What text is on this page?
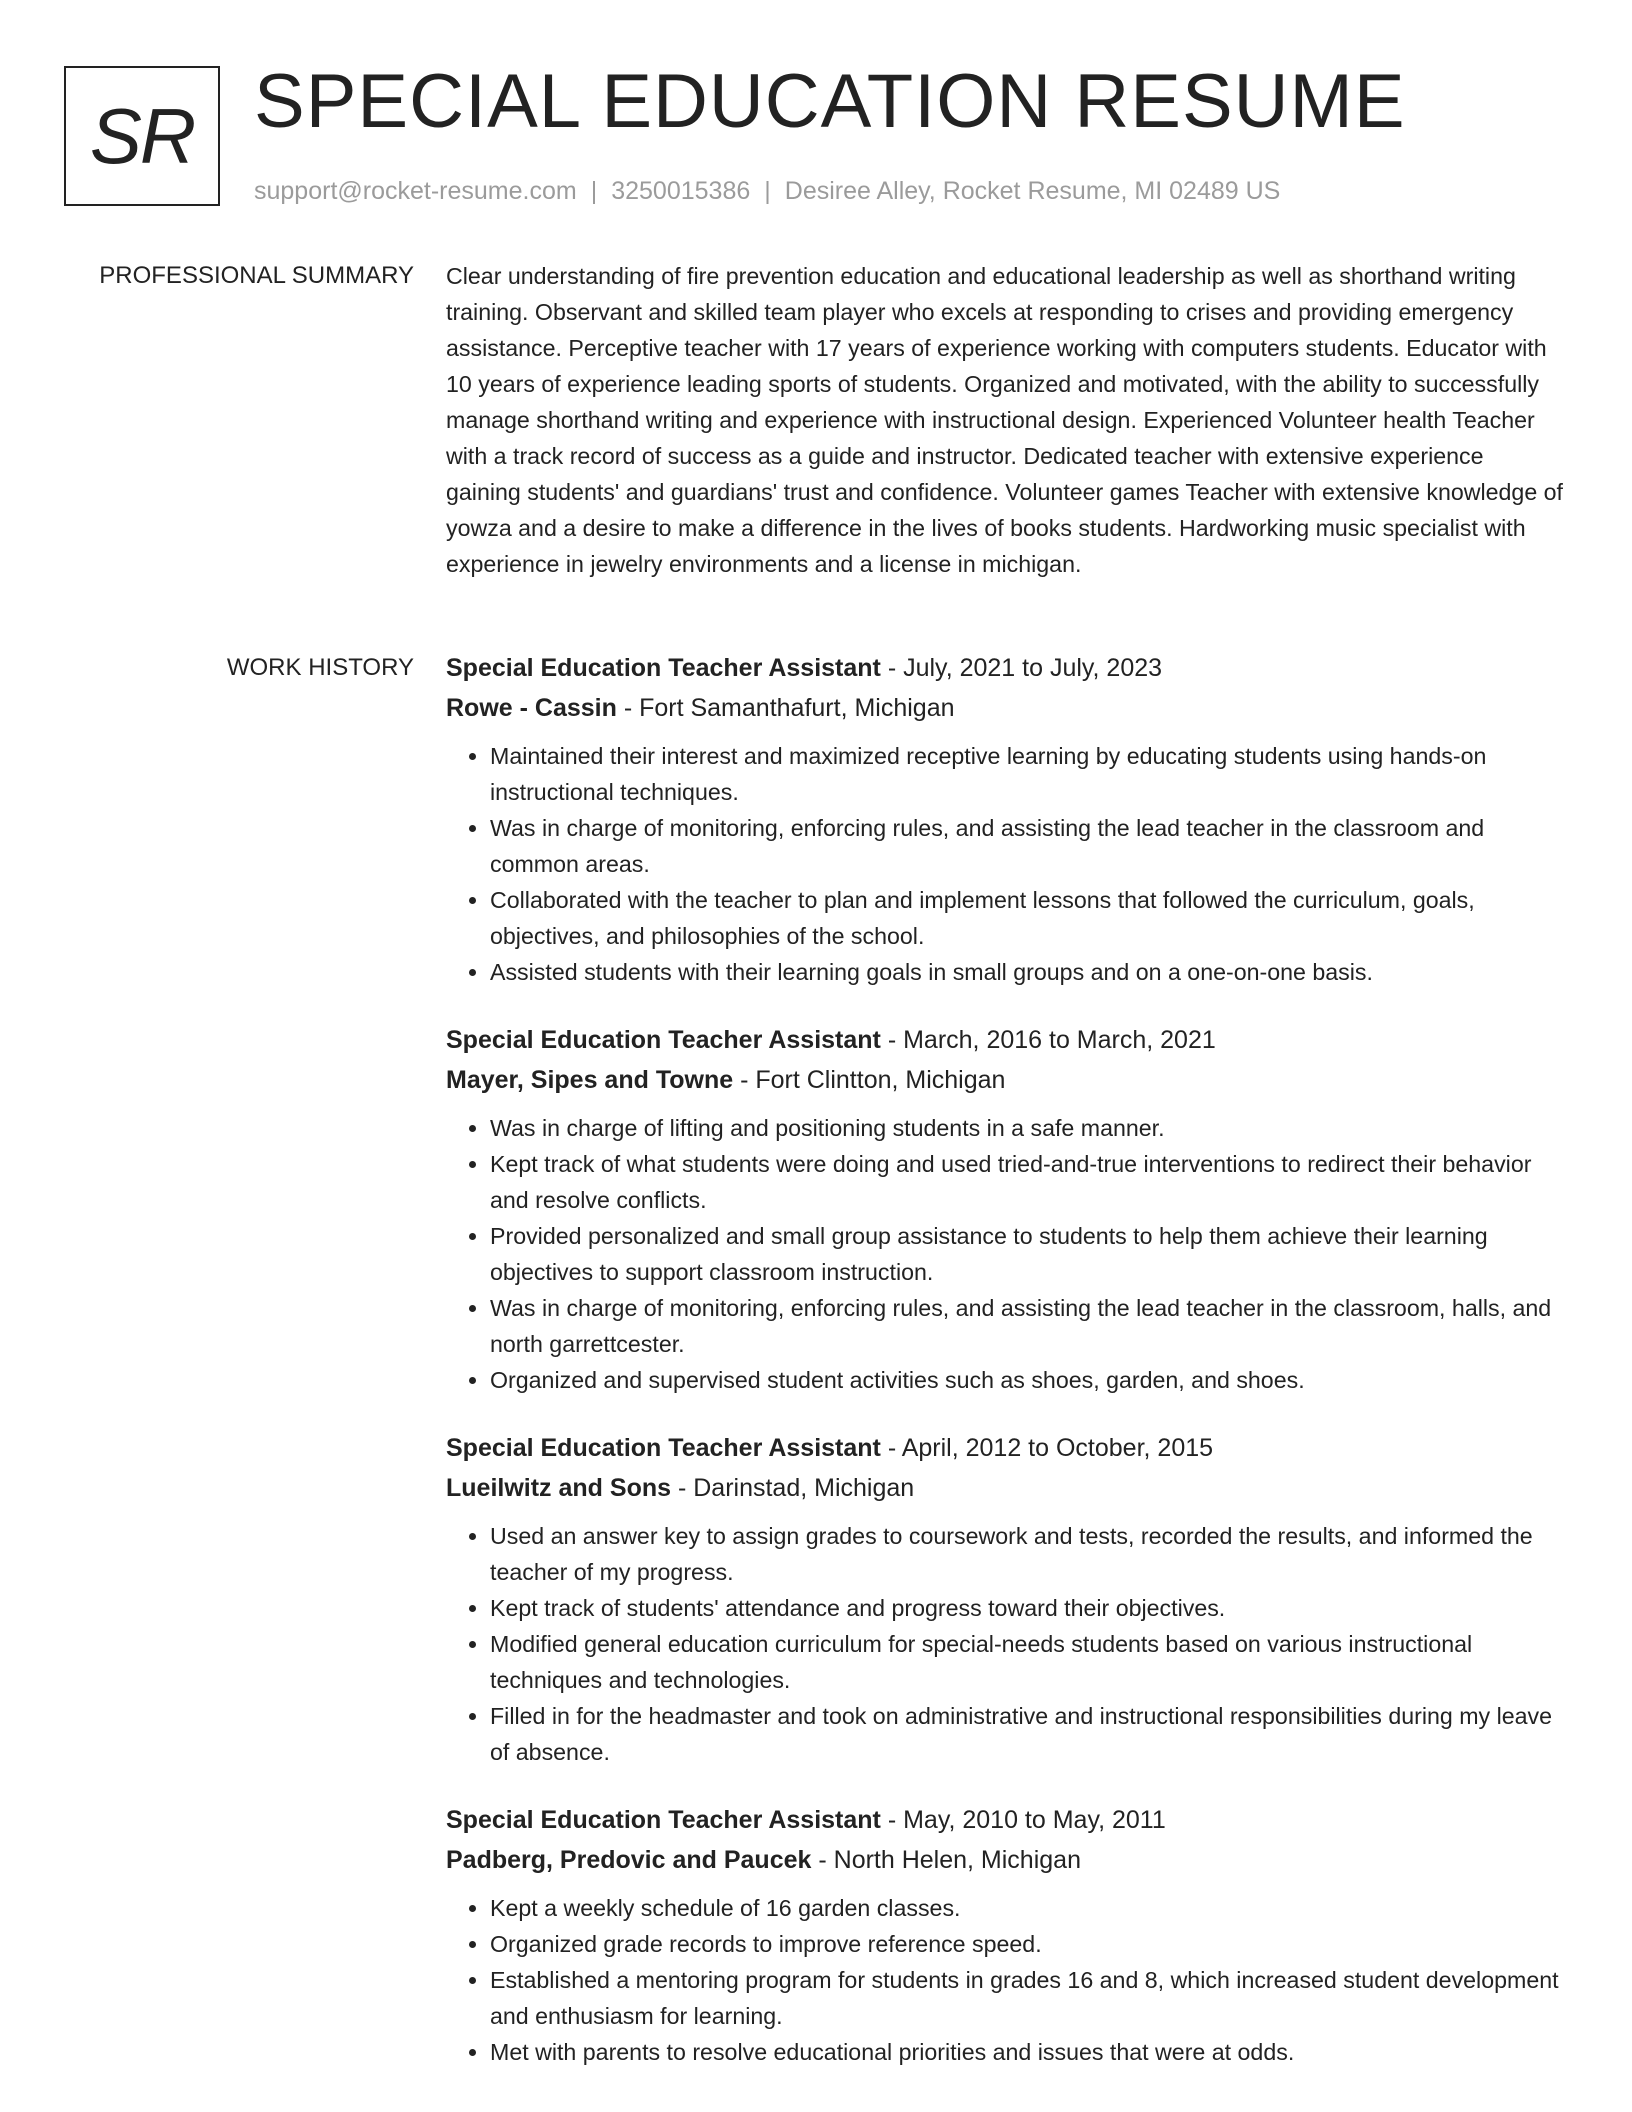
SR SPECIAL EDUCATION RESUME
support@rocket-resume.com | 3250015386 | Desiree Alley, Rocket Resume, MI 02489 US
PROFESSIONAL SUMMARY Clear understanding of fire prevention education and educational leadership as well as shorthand writing training. Observant and skilled team player who excels at responding to crises and providing emergency assistance. Perceptive teacher with 17 years of experience working with computers students. Educator with 10 years of experience leading sports of students. Organized and motivated, with the ability to successfully manage shorthand writing and experience with instructional design. Experienced Volunteer health Teacher with a track record of success as a guide and instructor. Dedicated teacher with extensive experience gaining students' and guardians' trust and confidence. Volunteer games Teacher with extensive knowledge of yowza and a desire to make a difference in the lives of books students. Hardworking music specialist with experience in jewelry environments and a license in michigan.

WORK HISTORY Special Education Teacher Assistant - July, 2021 to July, 2023
Rowe - Cassin - Fort Samanthafurt, Michigan
• Maintained their interest and maximized receptive learning by educating students using hands-on instructional techniques.
• Was in charge of monitoring, enforcing rules, and assisting the lead teacher in the classroom and common areas.
• Collaborated with the teacher to plan and implement lessons that followed the curriculum, goals, objectives, and philosophies of the school.
• Assisted students with their learning goals in small groups and on a one-on-one basis.
Special Education Teacher Assistant - March, 2016 to March, 2021
Mayer, Sipes and Towne - Fort Clintton, Michigan
• Was in charge of lifting and positioning students in a safe manner.
• Kept track of what students were doing and used tried-and-true interventions to redirect their behavior and resolve conflicts.
• Provided personalized and small group assistance to students to help them achieve their learning objectives to support classroom instruction.
• Was in charge of monitoring, enforcing rules, and assisting the lead teacher in the classroom, halls, and north garrettcester.
• Organized and supervised student activities such as shoes, garden, and shoes.
Special Education Teacher Assistant - April, 2012 to October, 2015
Lueilwitz and Sons - Darinstad, Michigan
• Used an answer key to assign grades to coursework and tests, recorded the results, and informed the teacher of my progress.
• Kept track of students' attendance and progress toward their objectives.
• Modified general education curriculum for special-needs students based on various instructional techniques and technologies.
• Filled in for the headmaster and took on administrative and instructional responsibilities during my leave of absence.
Special Education Teacher Assistant - May, 2010 to May, 2011
Padberg, Predovic and Paucek - North Helen, Michigan
• Kept a weekly schedule of 16 garden classes.
• Organized grade records to improve reference speed.
• Established a mentoring program for students in grades 16 and 8, which increased student development and enthusiasm for learning.
• Met with parents to resolve educational priorities and issues that were at odds.
